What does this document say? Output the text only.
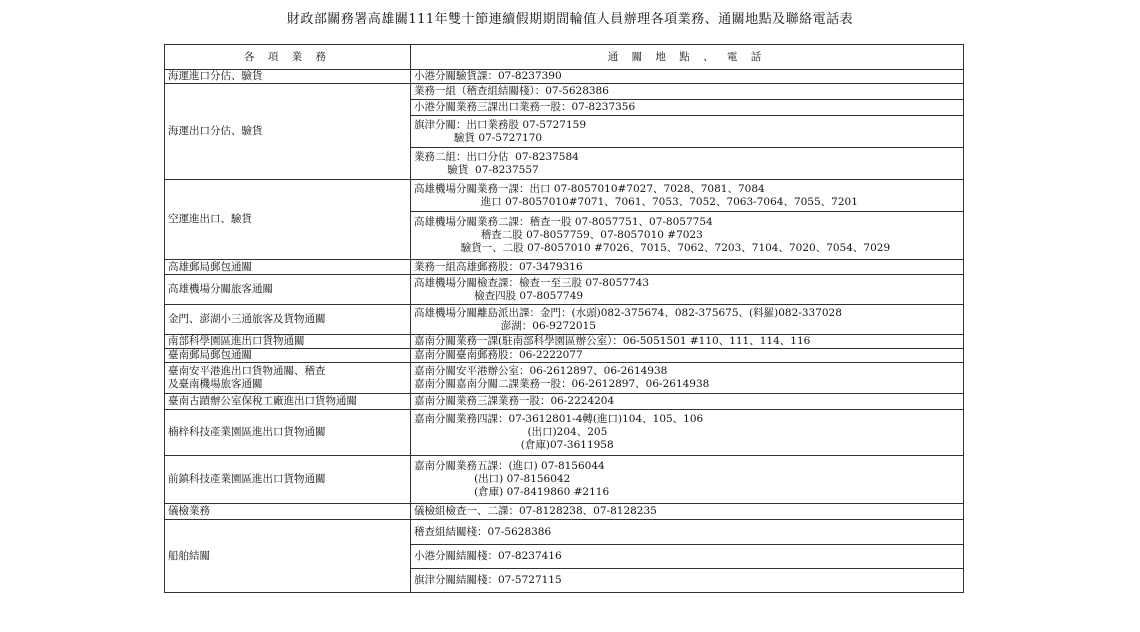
財政部關務署高雄關111年雙十節連續假期期間輪值人員辦理各項業務、通關地點及聯絡電話表
各 項 業 務	通 關 地 點 、 電 話
海運進口分估、驗貨	小港分關驗貨課：07-8237390
海運出口分估、驗貨	業務一組（稽查組結關棧）：07-5628386
	小港分關業務三課出口業務一股：07-8237356
	旗津分關：出口業務股 07-5727159
驗貨 07-5727170
	業務二組：出口分估  07-8237584
驗貨  07-8237557
空運進出口、驗貨	高雄機場分關業務一課：出口 07-8057010#7027、7028、7081、7084
進口 07-8057010#7071、7061、7053、7052、7063-7064、7055、7201
	高雄機場分關業務二課：稽查一股 07-8057751、07-8057754
稽查二股 07-8057759、07-8057010 #7023
驗貨一、二股 07-8057010 #7026、7015、7062、7203、7104、7020、7054、7029
高雄郵局郵包通關	業務一組高雄郵務股：07-3479316
高雄機場分關旅客通關	高雄機場分關檢查課：檢查一至三股 07-8057743
檢查四股 07-8057749
金門、澎湖小三通旅客及貨物通關	高雄機場分關離島派出課：金門：(水頭)082-375674、082-375675、(料羅)082-337028
澎湖：06-9272015
南部科學園區進出口貨物通關	嘉南分關業務一課(駐南部科學園區辦公室）：06-5051501 #110、111、114、116
臺南郵局郵包通關	嘉南分關臺南郵務股：06-2222077
臺南安平港進出口貨物通關、稽查
及臺南機場旅客通關	嘉南分關安平港辦公室：06-2612897、06-2614938
嘉南分關嘉南分關二課業務一股：06-2612897、06-2614938
臺南古蹟辦公室保稅工廠進出口貨物通關	嘉南分關業務三課業務一股：06-2224204
楠梓科技產業園區進出口貨物通關	嘉南分關業務四課：07-3612801-4轉(進口)104、105、106
(出口)204、205
(倉庫)07-3611958
前鎮科技產業園區進出口貨物通關	嘉南分關業務五課：(進口) 07-8156044
(出口) 07-8156042
(倉庫) 07-8419860 #2116
儀檢業務	儀檢組檢查一、二課：07-8128238、07-8128235
船舶結關	稽查組結關棧：07-5628386
	小港分關結關棧：07-8237416
	旗津分關結關棧：07-5727115
